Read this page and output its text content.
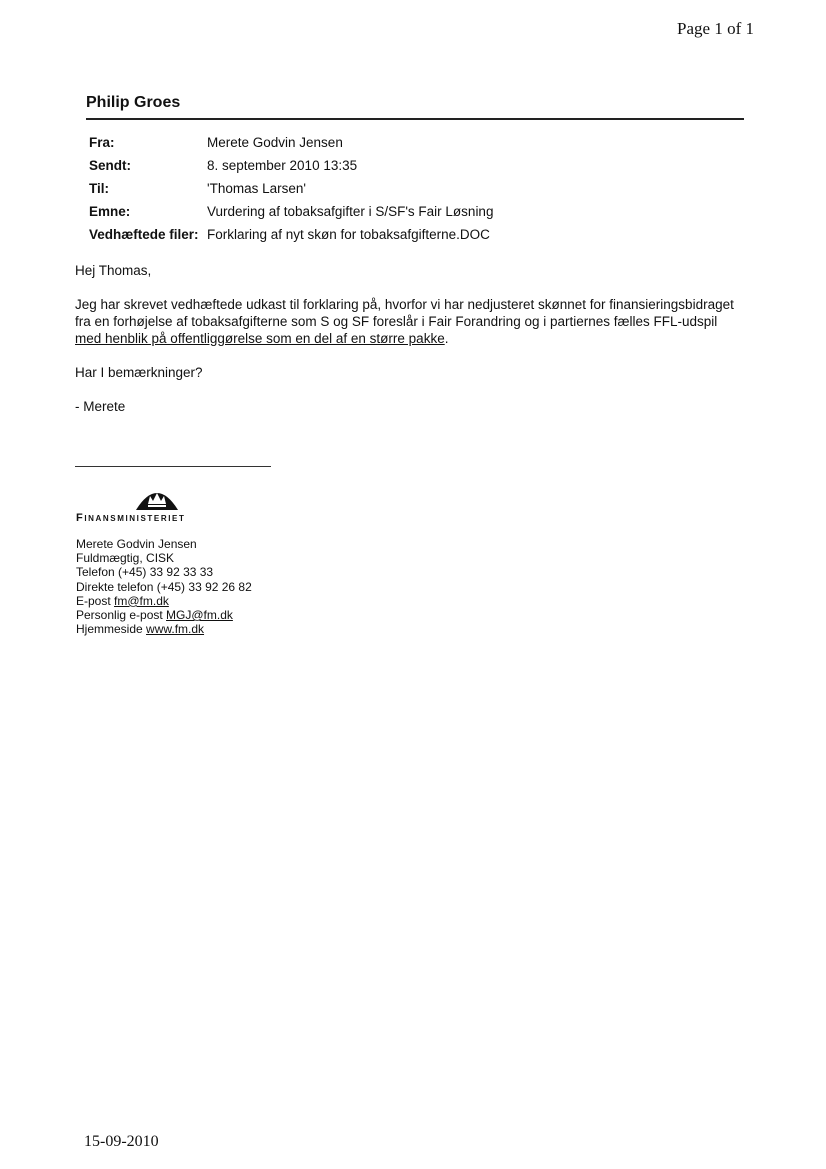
Page 1 of 1
Philip Groes
Fra:	Merete Godvin Jensen
Sendt:	8. september 2010 13:35
Til:	'Thomas Larsen'
Emne:	Vurdering af tobaksafgifter i S/SF's Fair Løsning
Vedhæftede filer:	Forklaring af nyt skøn for tobaksafgifterne.DOC

Hej Thomas,

Jeg har skrevet vedhæftede udkast til forklaring på, hvorfor vi har nedjusteret skønnet for finansieringsbidraget fra en forhøjelse af tobaksafgifterne som S og SF foreslår i Fair Forandring og i partiernes fælles FFL-udspil med henblik på offentliggørelse som en del af en større pakke.

Har I bemærkninger?

- Merete

Finansministeriet
Merete Godvin Jensen
Fuldmægtig, CISK
Telefon (+45) 33 92 33 33
Direkte telefon (+45) 33 92 26 82
E-post fm@fm.dk
Personlig e-post MGJ@fm.dk
Hjemmeside www.fm.dk
15-09-2010
